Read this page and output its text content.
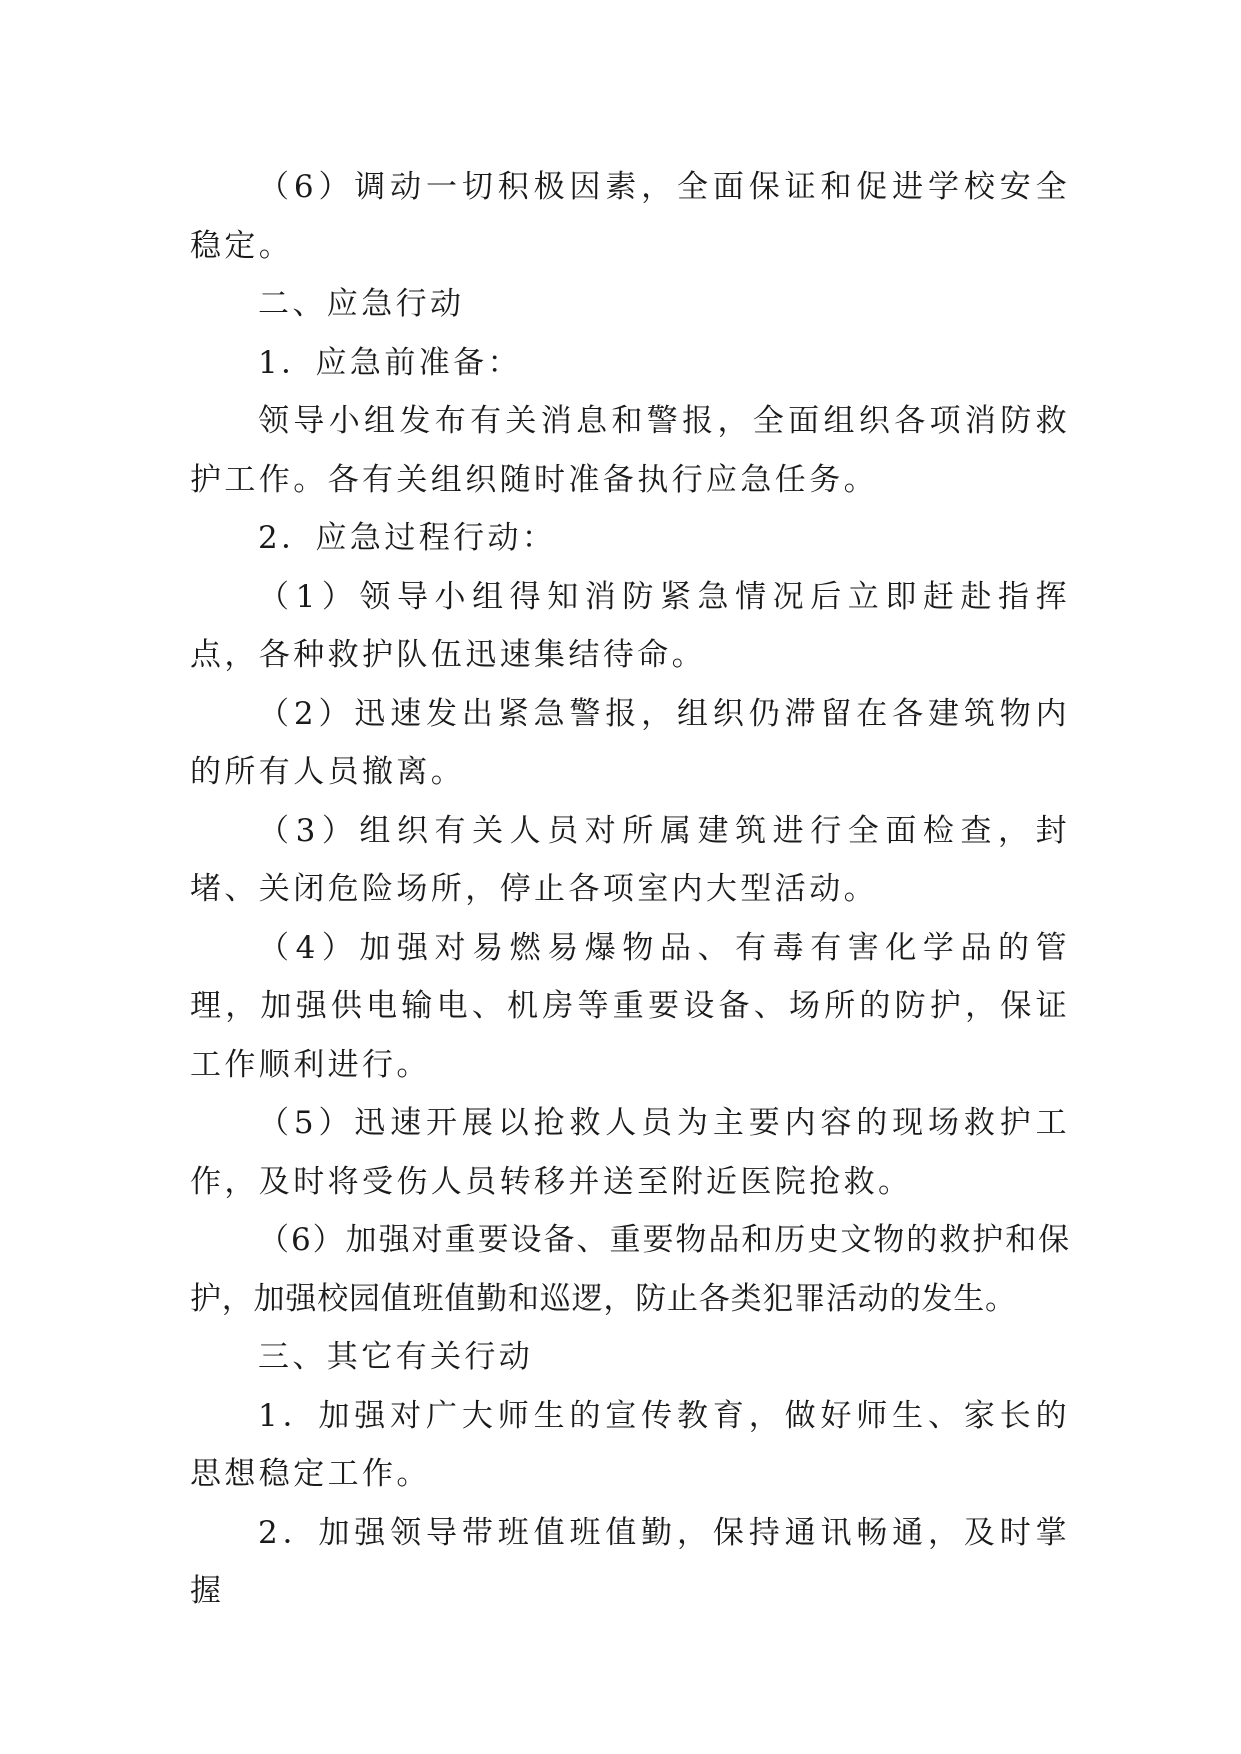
（6）调动一切积极因素，全面保证和促进学校安全稳定。

二、应急行动

1．应急前准备：

领导小组发布有关消息和警报，全面组织各项消防救护工作。各有关组织随时准备执行应急任务。

2．应急过程行动：

（1）领导小组得知消防紧急情况后立即赶赴指挥点，各种救护队伍迅速集结待命。

（2）迅速发出紧急警报，组织仍滞留在各建筑物内的所有人员撤离。

（3）组织有关人员对所属建筑进行全面检查，封堵、关闭危险场所，停止各项室内大型活动。

（4）加强对易燃易爆物品、有毒有害化学品的管理，加强供电输电、机房等重要设备、场所的防护，保证工作顺利进行。

（5）迅速开展以抢救人员为主要内容的现场救护工作，及时将受伤人员转移并送至附近医院抢救。

（6）加强对重要设备、重要物品和历史文物的救护和保护，加强校园值班值勤和巡逻，防止各类犯罪活动的发生。

三、其它有关行动

1．加强对广大师生的宣传教育，做好师生、家长的思想稳定工作。

2．加强领导带班值班值勤，保持通讯畅通，及时掌握
